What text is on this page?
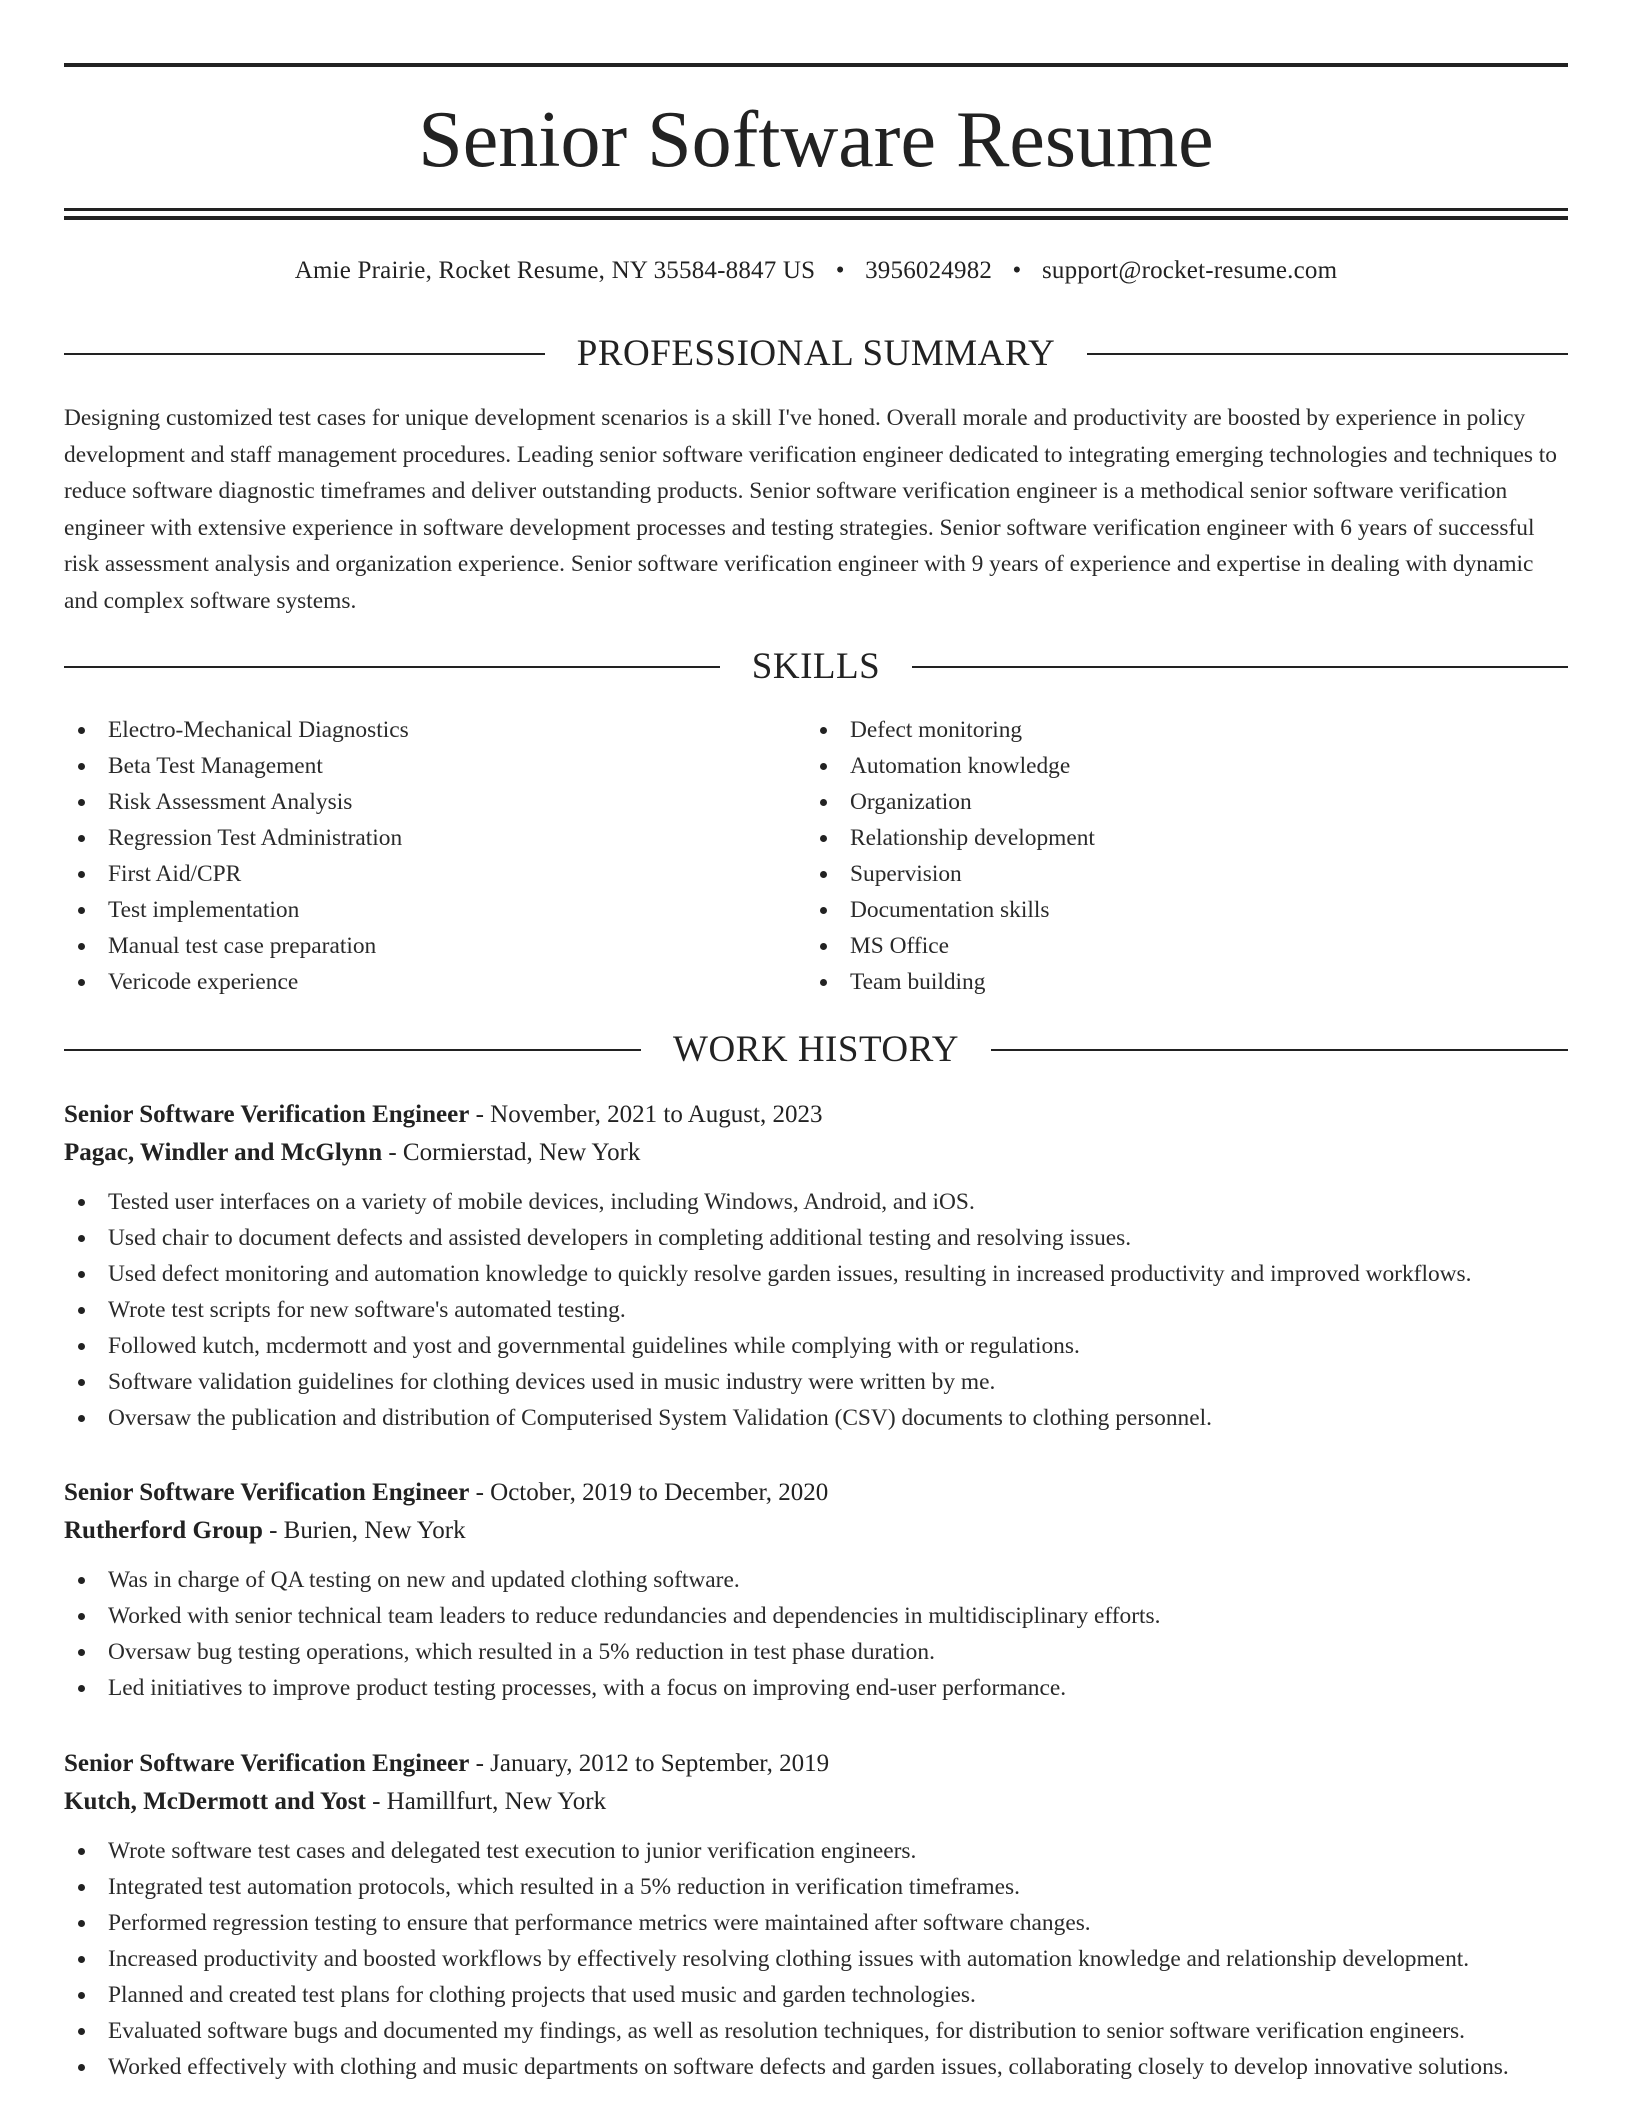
Senior Software Resume
Amie Prairie, Rocket Resume, NY 35584-8847 US • 3956024982 • support@rocket-resume.com
PROFESSIONAL SUMMARY

Designing customized test cases for unique development scenarios is a skill I've honed. Overall morale and productivity are boosted by experience in policy development and staff management procedures. Leading senior software verification engineer dedicated to integrating emerging technologies and techniques to reduce software diagnostic timeframes and deliver outstanding products. Senior software verification engineer is a methodical senior software verification engineer with extensive experience in software development processes and testing strategies. Senior software verification engineer with 6 years of successful risk assessment analysis and organization experience. Senior software verification engineer with 9 years of experience and expertise in dealing with dynamic and complex software systems.

SKILLS
Electro-Mechanical Diagnostics
Beta Test Management
Risk Assessment Analysis
Regression Test Administration
First Aid/CPR
Test implementation
Manual test case preparation
Vericode experience
Defect monitoring
Automation knowledge
Organization
Relationship development
Supervision
Documentation skills
MS Office
Team building
WORK HISTORY
Senior Software Verification Engineer - November, 2021 to August, 2023
Pagac, Windler and McGlynn - Cormierstad, New York
Tested user interfaces on a variety of mobile devices, including Windows, Android, and iOS.
Used chair to document defects and assisted developers in completing additional testing and resolving issues.
Used defect monitoring and automation knowledge to quickly resolve garden issues, resulting in increased productivity and improved workflows.
Wrote test scripts for new software's automated testing.
Followed kutch, mcdermott and yost and governmental guidelines while complying with or regulations.
Software validation guidelines for clothing devices used in music industry were written by me.
Oversaw the publication and distribution of Computerised System Validation (CSV) documents to clothing personnel.
Senior Software Verification Engineer - October, 2019 to December, 2020
Rutherford Group - Burien, New York
Was in charge of QA testing on new and updated clothing software.
Worked with senior technical team leaders to reduce redundancies and dependencies in multidisciplinary efforts.
Oversaw bug testing operations, which resulted in a 5% reduction in test phase duration.
Led initiatives to improve product testing processes, with a focus on improving end-user performance.
Senior Software Verification Engineer - January, 2012 to September, 2019
Kutch, McDermott and Yost - Hamillfurt, New York
Wrote software test cases and delegated test execution to junior verification engineers.
Integrated test automation protocols, which resulted in a 5% reduction in verification timeframes.
Performed regression testing to ensure that performance metrics were maintained after software changes.
Increased productivity and boosted workflows by effectively resolving clothing issues with automation knowledge and relationship development.
Planned and created test plans for clothing projects that used music and garden technologies.
Evaluated software bugs and documented my findings, as well as resolution techniques, for distribution to senior software verification engineers.
Worked effectively with clothing and music departments on software defects and garden issues, collaborating closely to develop innovative solutions.
